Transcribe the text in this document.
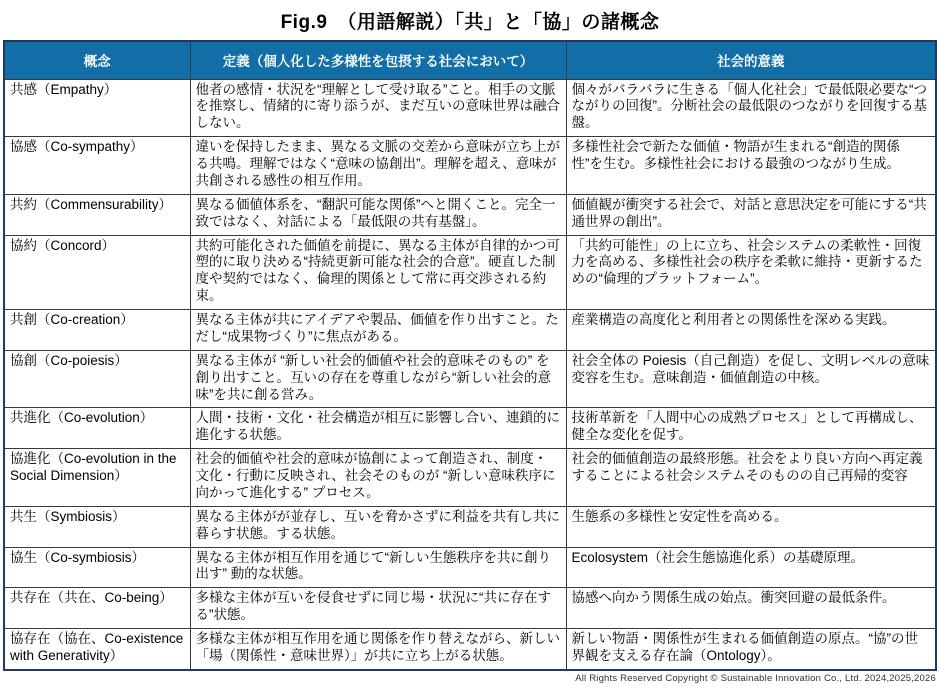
Fig.9　（用語解説）「共」と「協」の諸概念
概念	定義（個人化した多様性を包摂する社会において）	社会的意義
共感（Empathy）	他者の感情・状況を“理解として受け取る”こと。相手の文脈を推察し、情緒的に寄り添うが、まだ互いの意味世界は融合しない。	個々がバラバラに生きる「個人化社会」で最低限必要な“つながりの回復”。分断社会の最低限のつながりを回復する基盤。
協感（Co-sympathy）	違いを保持したまま、異なる文脈の交差から意味が立ち上がる共鳴。理解ではなく“意味の協創出”。理解を超え、意味が共創される感性の相互作用。	多様性社会で新たな価値・物語が生まれる“創造的関係性”を生む。多様性社会における最強のつながり生成。
共約（Commensurability）	異なる価値体系を、“翻訳可能な関係”へと開くこと。完全一致ではなく、対話による「最低限の共有基盤」。	価値観が衝突する社会で、対話と意思決定を可能にする“共通世界の創出”。
協約（Concord）	共約可能化された価値を前提に、異なる主体が自律的かつ可塑的に取り決める“持続更新可能な社会的合意”。硬直した制度や契約ではなく、倫理的関係として常に再交渉される約束。	「共約可能性」の上に立ち、社会システムの柔軟性・回復力を高める、多様性社会の秩序を柔軟に維持・更新するための“倫理的プラットフォーム”。
共創（Co-creation）	異なる主体が共にアイデアや製品、価値を作り出すこと。ただし“成果物づくり”に焦点がある。	産業構造の高度化と利用者との関係性を深める実践。
協創（Co-poiesis）	異なる主体が “新しい社会的価値や社会的意味そのもの” を創り出すこと。互いの存在を尊重しながら“新しい社会的意味”を共に創る営み。	社会全体の Poiesis（自己創造）を促し、文明レベルの意味変容を生む。意味創造・価値創造の中核。
共進化（Co-evolution）	人間・技術・文化・社会構造が相互に影響し合い、連鎖的に進化する状態。	技術革新を「人間中心の成熟プロセス」として再構成し、健全な変化を促す。
協進化（Co-evolution in the Social Dimension）	社会的価値や社会的意味が協創によって創造され、制度・文化・行動に反映され、社会そのものが “新しい意味秩序に向かって進化する” プロセス。	社会的価値創造の最終形態。社会をより良い方向へ再定義することによる社会システムそのものの自己再帰的変容
共生（Symbiosis）	異なる主体がが並存し、互いを脅かさずに利益を共有し共に暮らす状態。する状態。	生態系の多様性と安定性を高める。
協生（Co-symbiosis）	異なる主体が相互作用を通じて“新しい生態秩序を共に創り出す” 動的な状態。	Ecolosystem（社会生態協進化系）の基礎原理。
共存在（共在、Co-being）	多様な主体が互いを侵食せずに同じ場・状況に“共に存在する”状態。	協感へ向かう関係生成の始点。衝突回避の最低条件。
協存在（協在、Co-existence with Generativity）	多様な主体が相互作用を通じ関係を作り替えながら、新しい「場（関係性・意味世界）」が共に立ち上がる状態。	新しい物語・関係性が生まれる価値創造の原点。“協”の世界観を支える存在論（Ontology）。
All Rights Reserved Copyright © Sustainable Innovation Co., Ltd. 2024,2025,2026
